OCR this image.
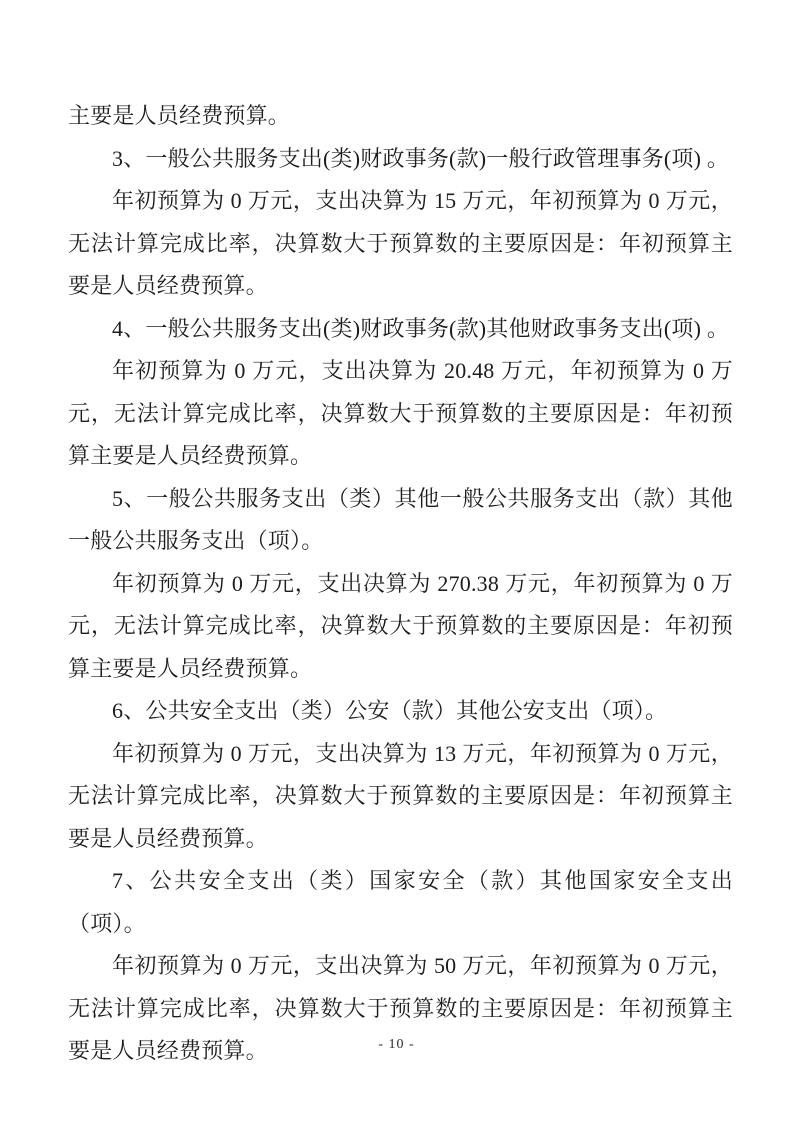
主要是人员经费预算。

3、一般公共服务支出(类)财政事务(款)一般行政管理事务(项) 。

年初预算为 0 万元，支出决算为 15 万元，年初预算为 0 万元，无法计算完成比率，决算数大于预算数的主要原因是：年初预算主要是人员经费预算。

4、一般公共服务支出(类)财政事务(款)其他财政事务支出(项) 。

年初预算为 0 万元，支出决算为 20.48 万元，年初预算为 0 万元，无法计算完成比率，决算数大于预算数的主要原因是：年初预算主要是人员经费预算。

5、一般公共服务支出（类）其他一般公共服务支出（款）其他一般公共服务支出（项）。

年初预算为 0 万元，支出决算为 270.38 万元，年初预算为 0 万元，无法计算完成比率，决算数大于预算数的主要原因是：年初预算主要是人员经费预算。

6、公共安全支出（类）公安（款）其他公安支出（项）。

年初预算为 0 万元，支出决算为 13 万元，年初预算为 0 万元，无法计算完成比率，决算数大于预算数的主要原因是：年初预算主要是人员经费预算。

7、公共安全支出（类）国家安全（款）其他国家安全支出（项）。

年初预算为 0 万元，支出决算为 50 万元，年初预算为 0 万元，无法计算完成比率，决算数大于预算数的主要原因是：年初预算主要是人员经费预算。	- 10 -
